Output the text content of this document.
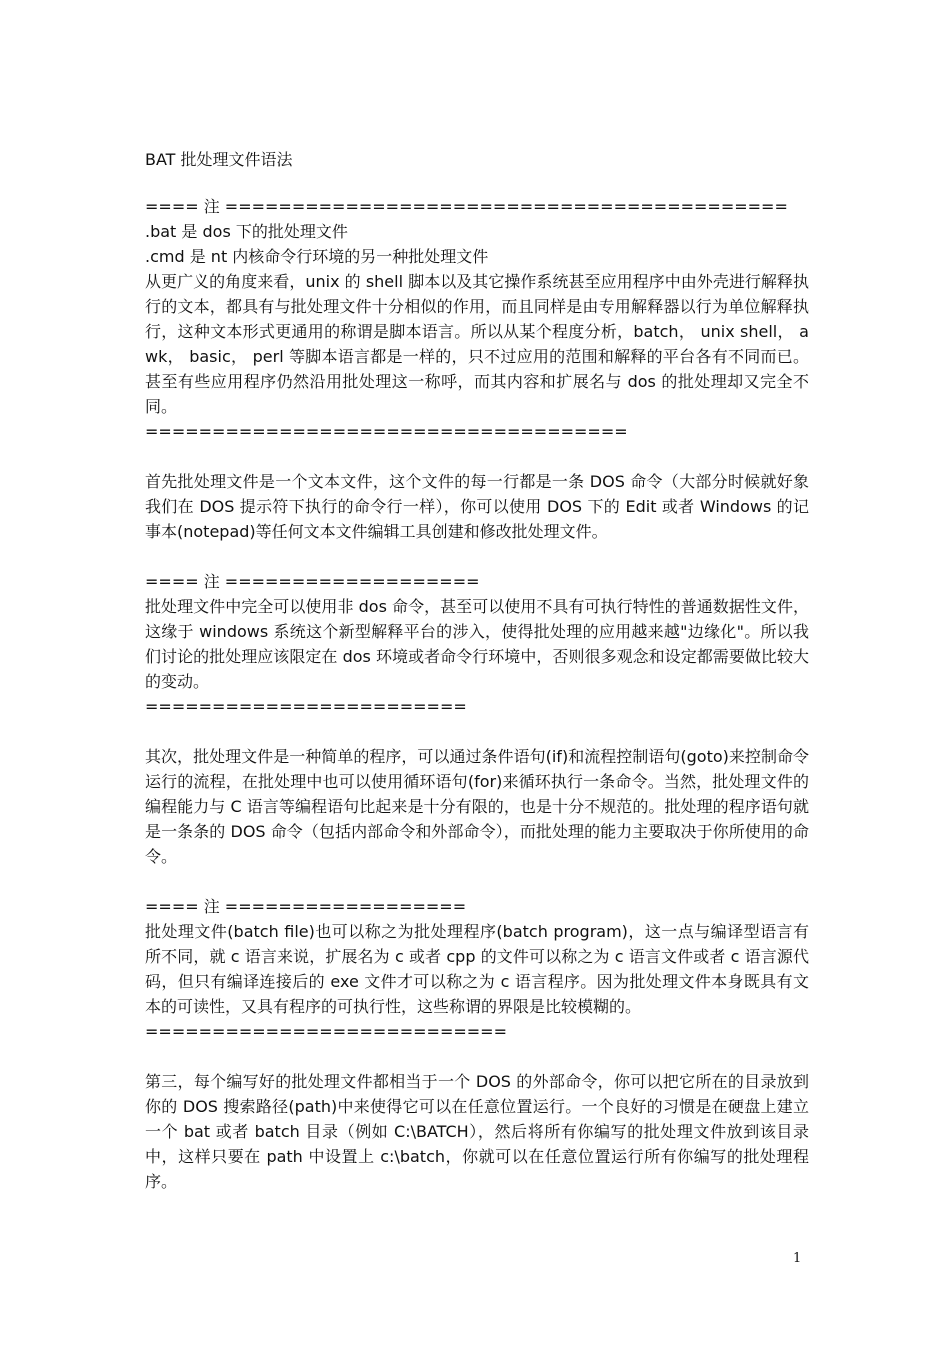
BAT 批处理文件语法

==== 注 ==========================================

.bat 是 dos 下的批处理文件

.cmd 是 nt 内核命令行环境的另一种批处理文件

从更广义的角度来看，unix 的 shell 脚本以及其它操作系统甚至应用程序中由外壳进行解释执行的文本，都具有与批处理文件十分相似的作用，而且同样是由专用解释器以行为单位解释执行，这种文本形式更通用的称谓是脚本语言。所以从某个程度分析，batch， unix shell， awk， basic， perl 等脚本语言都是一样的，只不过应用的范围和解释的平台各有不同而已。甚至有些应用程序仍然沿用批处理这一称呼，而其内容和扩展名与 dos 的批处理却又完全不同。

====================================

首先批处理文件是一个文本文件，这个文件的每一行都是一条 DOS 命令（大部分时候就好象我们在 DOS 提示符下执行的命令行一样），你可以使用 DOS 下的 Edit 或者 Windows 的记事本(notepad)等任何文本文件编辑工具创建和修改批处理文件。

==== 注 ===================

批处理文件中完全可以使用非 dos 命令，甚至可以使用不具有可执行特性的普通数据性文件，这缘于 windows 系统这个新型解释平台的涉入，使得批处理的应用越来越"边缘化"。所以我们讨论的批处理应该限定在 dos 环境或者命令行环境中，否则很多观念和设定都需要做比较大的变动。

========================

其次，批处理文件是一种简单的程序，可以通过条件语句(if)和流程控制语句(goto)来控制命令运行的流程，在批处理中也可以使用循环语句(for)来循环执行一条命令。当然，批处理文件的编程能力与 C 语言等编程语句比起来是十分有限的，也是十分不规范的。批处理的程序语句就是一条条的 DOS 命令（包括内部命令和外部命令），而批处理的能力主要取决于你所使用的命令。

==== 注 ==================

批处理文件(batch file)也可以称之为批处理程序(batch program)，这一点与编译型语言有所不同，就 c 语言来说，扩展名为 c 或者 cpp 的文件可以称之为 c 语言文件或者 c 语言源代码，但只有编译连接后的 exe 文件才可以称之为 c 语言程序。因为批处理文件本身既具有文本的可读性，又具有程序的可执行性，这些称谓的界限是比较模糊的。

===========================

第三，每个编写好的批处理文件都相当于一个 DOS 的外部命令，你可以把它所在的目录放到你的 DOS 搜索路径(path)中来使得它可以在任意位置运行。一个良好的习惯是在硬盘上建立一个 bat 或者 batch 目录（例如 C:\BATCH），然后将所有你编写的批处理文件放到该目录中，这样只要在 path 中设置上 c:\batch，你就可以在任意位置运行所有你编写的批处理程序。

1
